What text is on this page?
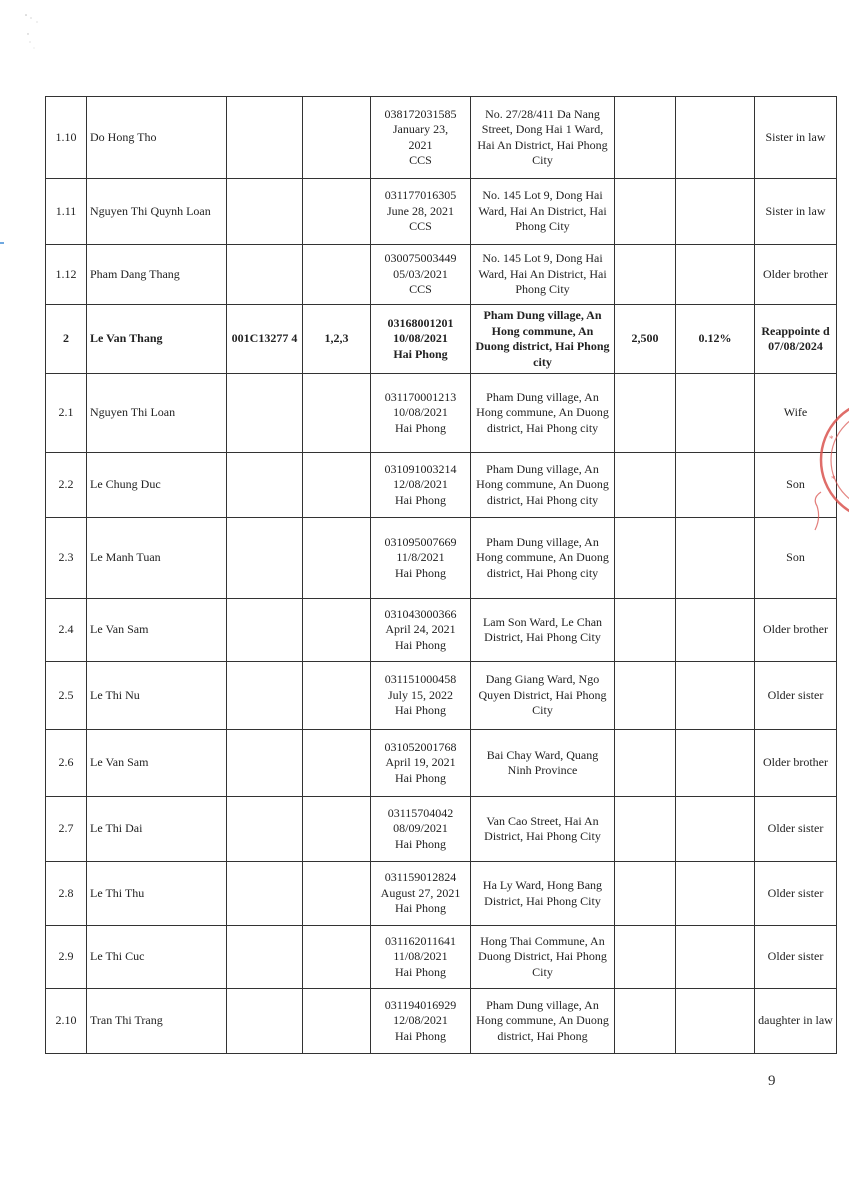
1.10	Do Hong Tho			038172031585
January 23,
2021
CCS	No. 27/28/411 Da Nang Street, Dong Hai 1 Ward, Hai An District, Hai Phong City			Sister in law
1.11	Nguyen Thi Quynh Loan			031177016305
June 28, 2021
CCS	No. 145 Lot 9, Dong Hai Ward, Hai An District, Hai Phong City			Sister in law
1.12	Pham Dang Thang			030075003449
05/03/2021
CCS	No. 145 Lot 9, Dong Hai Ward, Hai An District, Hai Phong City			Older brother
2	Le Van Thang	001C13277 4	1,2,3	03168001201
10/08/2021
Hai Phong	Pham Dung village, An Hong commune, An Duong district, Hai Phong city	2,500	0.12%	Reappointe d 07/08/2024
2.1	Nguyen Thi Loan			031170001213
10/08/2021
Hai Phong	Pham Dung village, An Hong commune, An Duong district, Hai Phong city			Wife
2.2	Le Chung Duc			031091003214
12/08/2021
Hai Phong	Pham Dung village, An Hong commune, An Duong district, Hai Phong city			Son
2.3	Le Manh Tuan			031095007669
11/8/2021
Hai Phong	Pham Dung village, An Hong commune, An Duong district, Hai Phong city			Son
2.4	Le Van Sam			031043000366
April 24, 2021
Hai Phong	Lam Son Ward, Le Chan District, Hai Phong City			Older brother
2.5	Le Thi Nu			031151000458
July 15, 2022
Hai Phong	Dang Giang Ward, Ngo Quyen District, Hai Phong City			Older sister
2.6	Le Van Sam			031052001768
April 19, 2021
Hai Phong	Bai Chay Ward, Quang Ninh Province			Older brother
2.7	Le Thi Dai			03115704042
08/09/2021
Hai Phong	Van Cao Street, Hai An District, Hai Phong City			Older sister
2.8	Le Thi Thu			031159012824
August 27, 2021
Hai Phong	Ha Ly Ward, Hong Bang District, Hai Phong City			Older sister
2.9	Le Thi Cuc			031162011641
11/08/2021
Hai Phong	Hong Thai Commune, An Duong District, Hai Phong City			Older sister
2.10	Tran Thi Trang			031194016929
12/08/2021
Hai Phong	Pham Dung village, An Hong commune, An Duong district, Hai Phong			daughter in law
9
*
*
